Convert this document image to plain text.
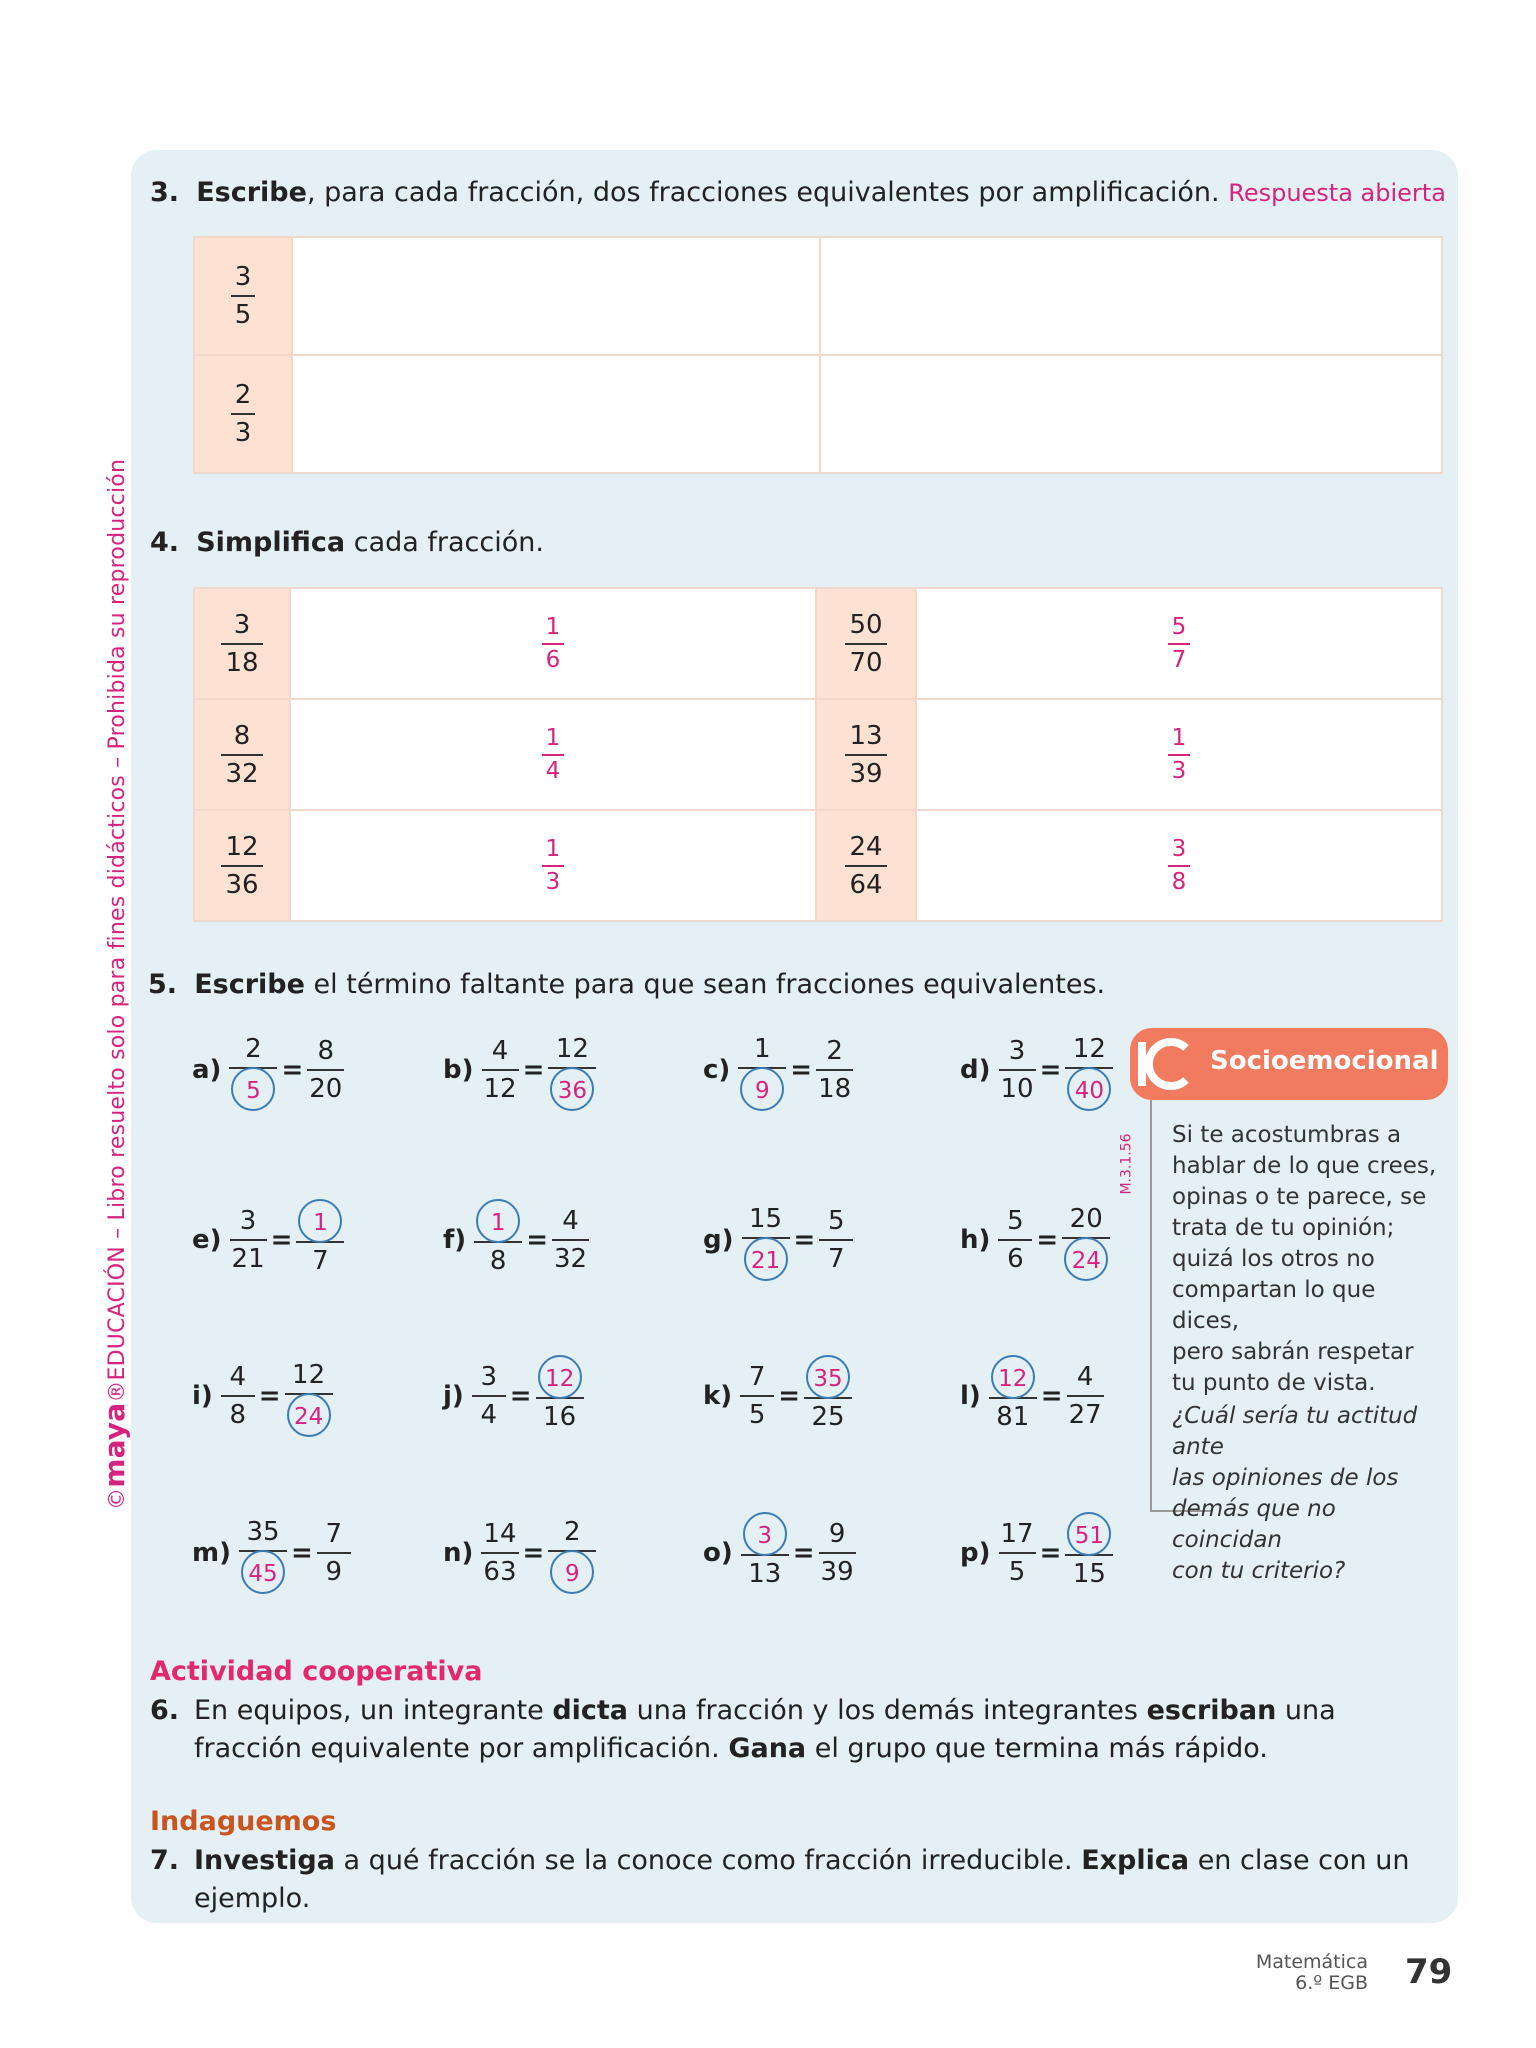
©maya®EDUCACIÓN – Libro resuelto solo para fines didácticos – Prohibida su reproducción
3. Escribe, para cada fracción, dos fracciones equivalentes por amplificación. Respuesta abierta
$\frac{3}{5}$

$\frac{2}{3}$

4. Simplifica cada fracción.
$\frac{3}{18}$	$\frac{1}{6}$	$\frac{50}{70}$	$\frac{5}{7}$

$\frac{8}{32}$	$\frac{1}{4}$	$\frac{13}{39}$	$\frac{1}{3}$

$\frac{12}{36}$	$\frac{1}{3}$	$\frac{24}{64}$	$\frac{3}{8}$
5. Escribe el término faltante para que sean fracciones equivalentes.
$a) \frac{2}{5} = \frac{8}{20}$	$b) \frac{4}{12} = \frac{12}{36}$	$c) \frac{1}{9} = \frac{2}{18}$	$d) \frac{3}{10} = \frac{12}{40}$
$e) \frac{3}{21} = \frac{1}{7}$	$f) \frac{1}{8} = \frac{4}{32}$	$g) \frac{15}{21} = \frac{5}{7}$	$h) \frac{5}{6} = \frac{20}{24}$
$i) \frac{4}{8} = \frac{12}{24}$	$j) \frac{3}{4} = \frac{12}{16}$	$k) \frac{7}{5} = \frac{35}{25}$	$l) \frac{12}{81} = \frac{4}{27}$
$m) \frac{35}{45} = \frac{7}{9}$	$n) \frac{14}{63} = \frac{2}{9}$	$o) \frac{3}{13} = \frac{9}{39}$	$p) \frac{17}{5} = \frac{51}{15}$
Socioemocional
M.3.1.56 Si te acostumbras a
hablar de lo que crees,
opinas o te parece, se
trata de tu opinión;
quizá los otros no
compartan lo que dices,
pero sabrán respetar
tu punto de vista.
¿Cuál sería tu actitud ante
las opiniones de los
demás que no coincidan
con tu criterio?
Actividad cooperativa
6. En equipos, un integrante dicta una fracción y los demás integrantes escriban una fracción equivalente por amplificación. Gana el grupo que termina más rápido.
Indaguemos
7. Investiga a qué fracción se la conoce como fracción irreducible. Explica en clase con un ejemplo.
Matemática
6.º EGB 79
